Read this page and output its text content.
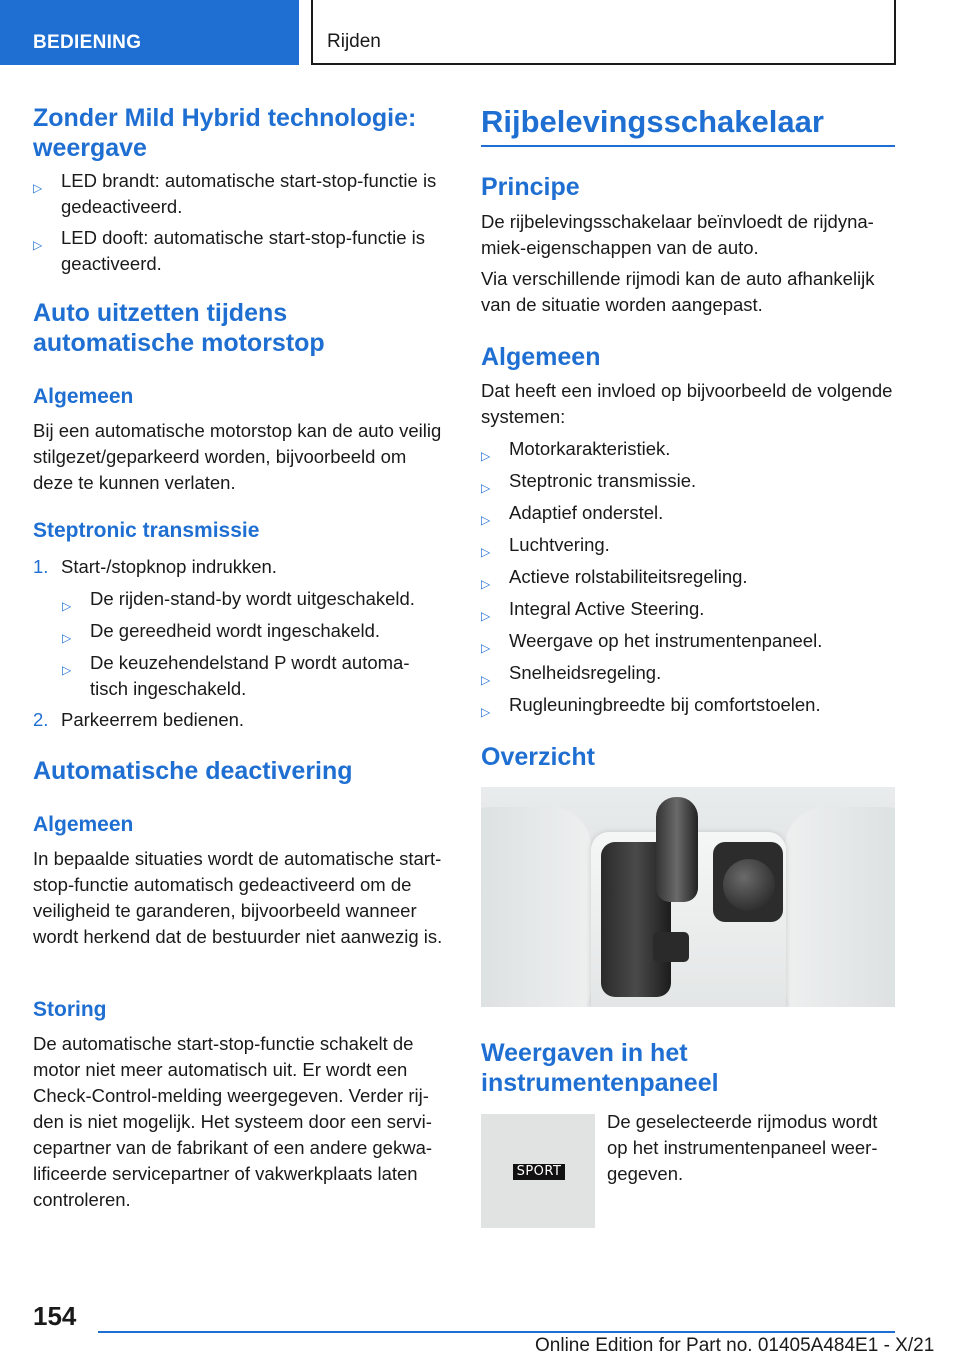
BEDIENING	Rijden
Zonder Mild Hybrid technologie: weergave
▷ LED brandt: automatische start-stop-functie is gedeactiveerd.
▷ LED dooft: automatische start-stop-functie is geactiveerd.
Auto uitzetten tijdens automatische motorstop
Algemeen
Bij een automatische motorstop kan de auto veilig stilgezet/geparkeerd worden, bijvoorbeeld om deze te kunnen verlaten.
Steptronic transmissie
1. Start-/stopknop indrukken.
▷ De rijden-stand-by wordt uitgeschakeld.
▷ De gereedheid wordt ingeschakeld.
▷ De keuzehendelstand P wordt automatisch ingeschakeld.
2. Parkeerrem bedienen.
Automatische deactivering
Algemeen
In bepaalde situaties wordt de automatische start-stop-functie automatisch gedeactiveerd om de veiligheid te garanderen, bijvoorbeeld wanneer wordt herkend dat de bestuurder niet aanwezig is.
Storing
De automatische start-stop-functie schakelt de motor niet meer automatisch uit. Er wordt een Check-Control-melding weergegeven. Verder rijden is niet mogelijk. Het systeem door een servicepartner van de fabrikant of een andere gekwalificeerde servicepartner of vakwerkplaats laten controleren.
Rijbelevingsschakelaar
Principe
De rijbelevingsschakelaar beïnvloedt de rijdynamiek-eigenschappen van de auto.
Via verschillende rijmodi kan de auto afhankelijk van de situatie worden aangepast.
Algemeen
Dat heeft een invloed op bijvoorbeeld de volgende systemen:
▷ Motorkarakteristiek.
▷ Steptronic transmissie.
▷ Adaptief onderstel.
▷ Luchtvering.
▷ Actieve rolstabiliteitsregeling.
▷ Integral Active Steering.
▷ Weergave op het instrumentenpaneel.
▷ Snelheidsregeling.
▷ Rugleuningbreedte bij comfortstoelen.
Overzicht
Weergaven in het instrumentenpaneel
De geselecteerde rijmodus wordt op het instrumentenpaneel weergegeven.
SPORT
154
Online Edition for Part no. 01405A484E1 - X/21
